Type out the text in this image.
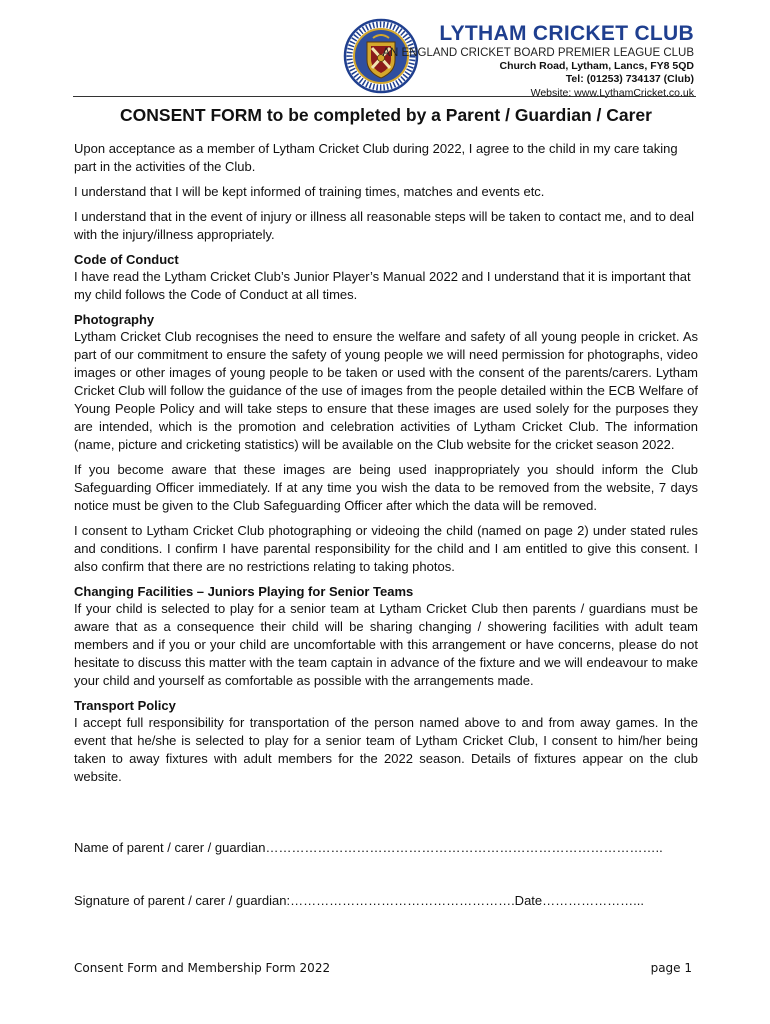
LYTHAM CRICKET CLUB
AN ENGLAND CRICKET BOARD PREMIER LEAGUE CLUB
Church Road, Lytham, Lancs, FY8 5QD
Tel: (01253) 734137 (Club)
Website: www.LythamCricket.co.uk
CONSENT FORM to be completed by a Parent / Guardian / Carer

Upon acceptance as a member of Lytham Cricket Club during 2022, I agree to the child in my care taking part in the activities of the Club.

I understand that I will be kept informed of training times, matches and events etc.

I understand that in the event of injury or illness all reasonable steps will be taken to contact me, and to deal with the injury/illness appropriately.

Code of Conduct

I have read the Lytham Cricket Club’s Junior Player’s Manual 2022 and I understand that it is important that my child follows the Code of Conduct at all times.

Photography

Lytham Cricket Club recognises the need to ensure the welfare and safety of all young people in cricket. As part of our commitment to ensure the safety of young people we will need permission for photographs, video images or other images of young people to be taken or used with the consent of the parents/carers. Lytham Cricket Club will follow the guidance of the use of images from the people detailed within the ECB Welfare of Young People Policy and will take steps to ensure that these images are used solely for the purposes they are intended, which is the promotion and celebration activities of Lytham Cricket Club. The information (name, picture and cricketing statistics) will be available on the Club website for the cricket season 2022.

If you become aware that these images are being used inappropriately you should inform the Club Safeguarding Officer immediately. If at any time you wish the data to be removed from the website, 7 days notice must be given to the Club Safeguarding Officer after which the data will be removed.

I consent to Lytham Cricket Club photographing or videoing the child (named on page 2) under stated rules and conditions. I confirm I have parental responsibility for the child and I am entitled to give this consent. I also confirm that there are no restrictions relating to taking photos.

Changing Facilities – Juniors Playing for Senior Teams

If your child is selected to play for a senior team at Lytham Cricket Club then parents / guardians must be aware that as a consequence their child will be sharing changing / showering facilities with adult team members and if you or your child are uncomfortable with this arrangement or have concerns, please do not hesitate to discuss this matter with the team captain in advance of the fixture and we will endeavour to make your child and yourself as comfortable as possible with the arrangements made.

Transport Policy

I accept full responsibility for transportation of the person named above to and from away games. In the event that he/she is selected to play for a senior team of Lytham Cricket Club, I consent to him/her being taken to away fixtures with adult members for the 2022 season. Details of fixtures appear on the club website.

Name of parent / carer / guardian………………………………………………………………………………..
Signature of parent / carer / guardian:…………………………………………….Date…………………...
Consent Form and Membership Form 2022	page 1
